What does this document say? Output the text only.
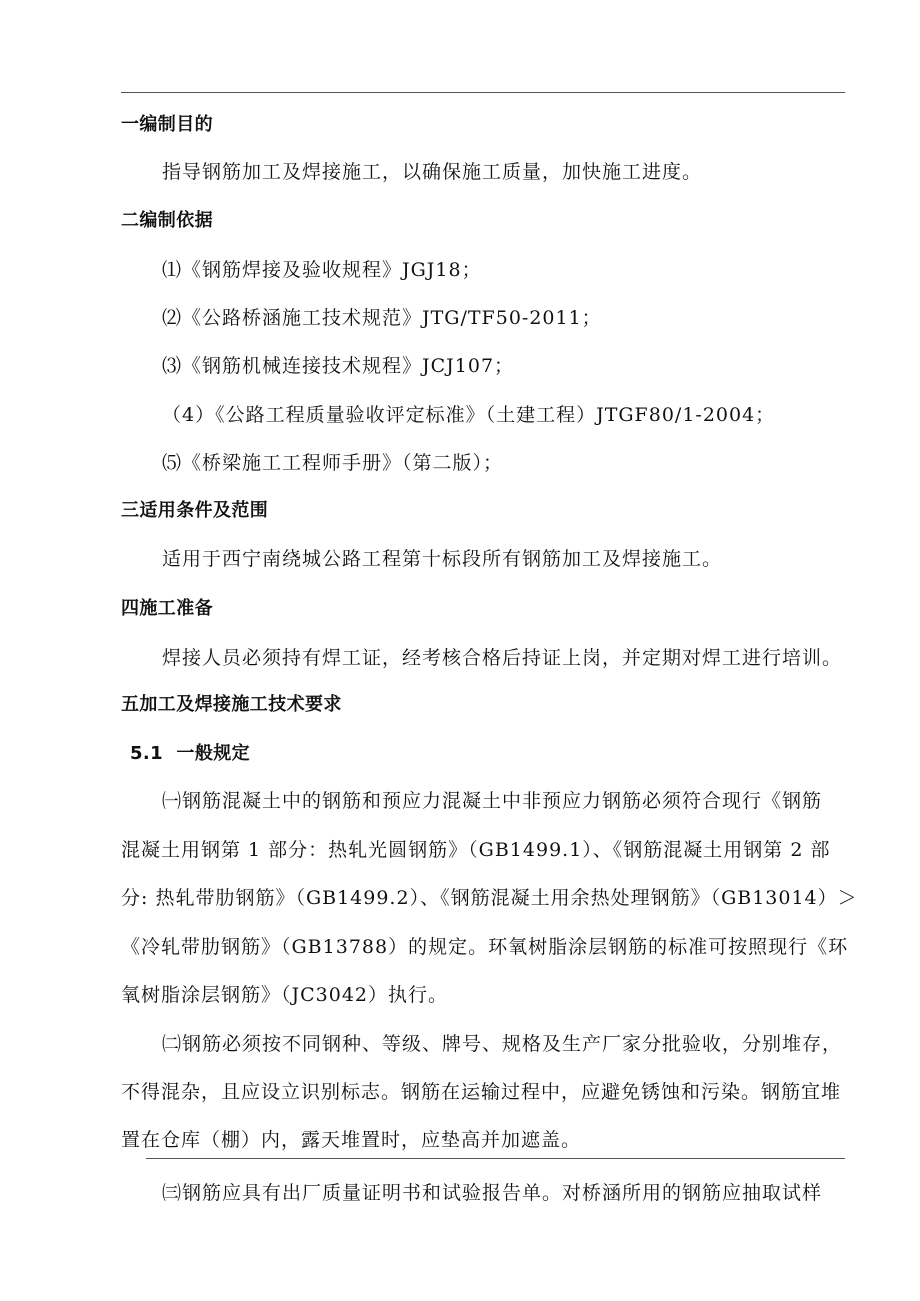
一编制目的
指导钢筋加工及焊接施工，以确保施工质量，加快施工进度。
二编制依据
⑴《钢筋焊接及验收规程》JGJ18；
⑵《公路桥涵施工技术规范》JTG/TF50-2011；
⑶《钢筋机械连接技术规程》JCJ107；
（4）《公路工程质量验收评定标准》（土建工程）JTGF80/1-2004；
⑸《桥梁施工工程师手册》（第二版）；
三适用条件及范围
适用于西宁南绕城公路工程第十标段所有钢筋加工及焊接施工。
四施工准备
焊接人员必须持有焊工证，经考核合格后持证上岗，并定期对焊工进行培训。
五加工及焊接施工技术要求
5.1  一般规定
㈠钢筋混凝土中的钢筋和预应力混凝土中非预应力钢筋必须符合现行《钢筋
混凝土用钢第 1 部分：热轧光圆钢筋》（GB1499.1）、《钢筋混凝土用钢第 2 部
分: 热轧带肋钢筋》（GB1499.2）、《钢筋混凝土用余热处理钢筋》（GB13014）＞
《冷轧带肋钢筋》（GB13788）的规定。环氧树脂涂层钢筋的标准可按照现行《环
氧树脂涂层钢筋》（JC3042）执行。
㈡钢筋必须按不同钢种、等级、牌号、规格及生产厂家分批验收，分别堆存，
不得混杂，且应设立识别标志。钢筋在运输过程中，应避免锈蚀和污染。钢筋宜堆
置在仓库（棚）内，露天堆置时，应垫高并加遮盖。
㈢钢筋应具有出厂质量证明书和试验报告单。对桥涵所用的钢筋应抽取试样
